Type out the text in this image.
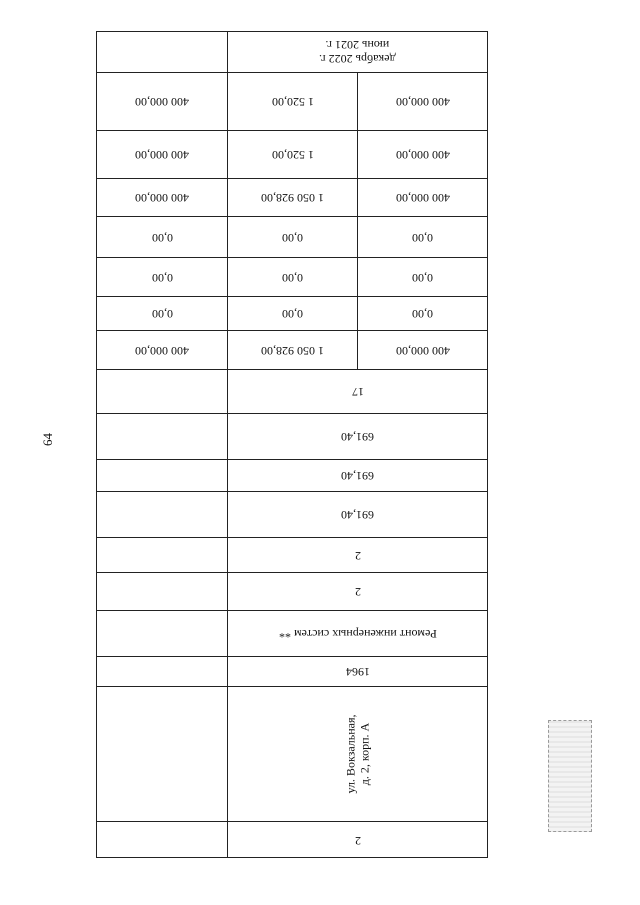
64
декабрь 2022 г.
июнь 2021 г.
400 000,00	1 520,00	400 000,00
400 000,00	1 520,00	400 000,00
400 000,00	1 050 928,00	400 000,00
0,00	0,00	0,00
0,00	0,00	0,00
0,00	0,00	0,00
400 000,00	1 050 928,00	400 000,00
17
691,40
691,40
691,40
2
2
Ремонт инженерных систем **
1964
ул. Вокзальная, д. 2, корп. А
2
